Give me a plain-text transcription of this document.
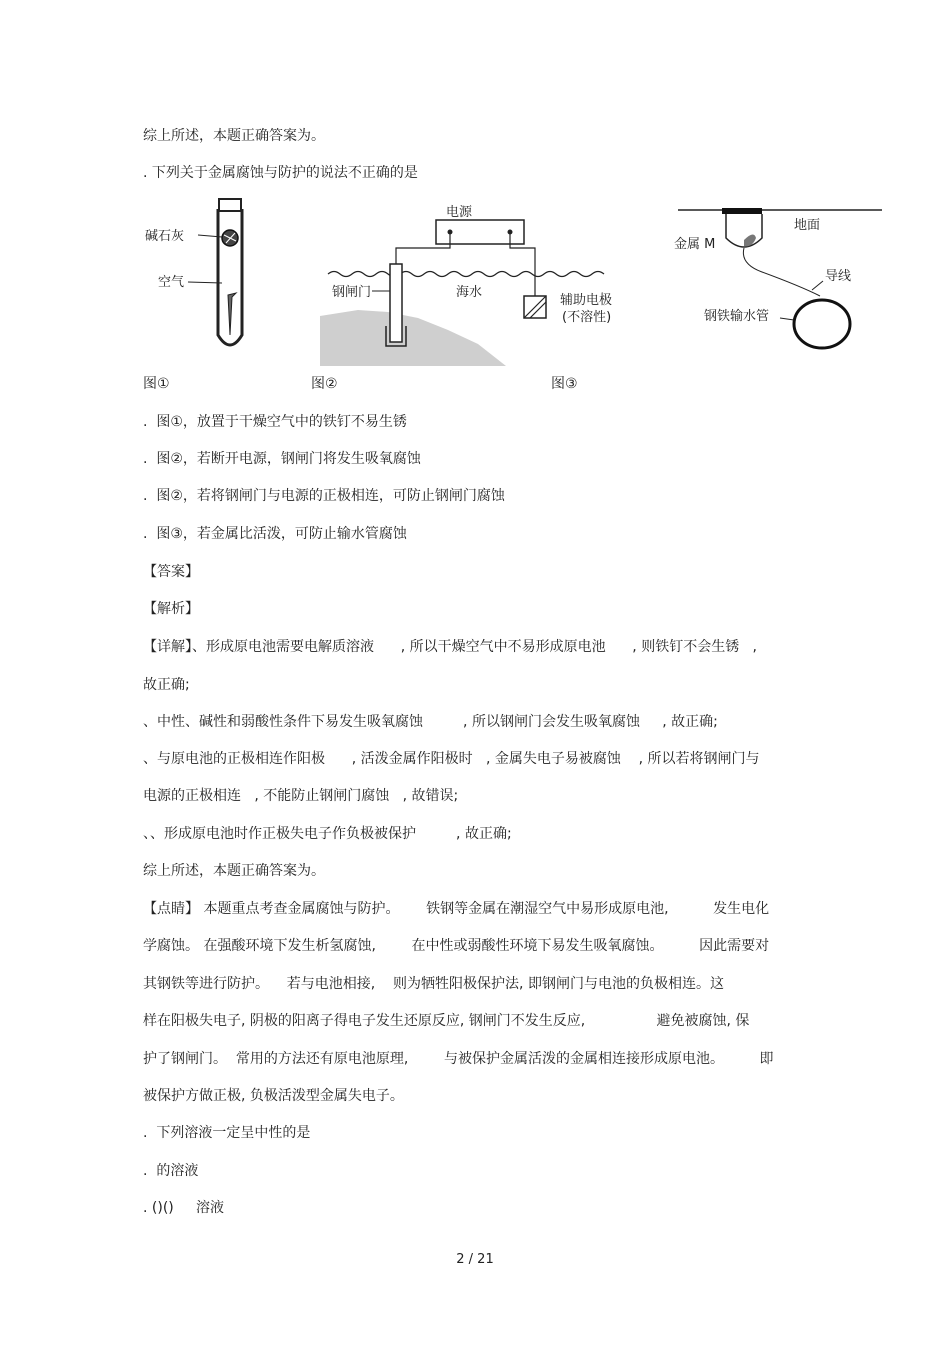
综上所述，本题正确答案为。
. 下列关于金属腐蚀与防护的说法不正确的是
碱石灰
空气
电源
钢闸门	海水
辅助电极
(不溶性)
地面
金属 M
导线
钢铁输水管
图①	图②	图③
.  图①，放置于干燥空气中的铁钉不易生锈
.  图②，若断开电源，钢闸门将发生吸氧腐蚀
.  图②，若将钢闸门与电源的正极相连，可防止钢闸门腐蚀
.  图③，若金属比活泼，可防止输水管腐蚀
【答案】
【解析】
【详解】、形成原电池需要电解质溶液      , 所以干燥空气中不易形成原电池      , 则铁钉不会生锈   ,
故正确;
、中性、碱性和弱酸性条件下易发生吸氧腐蚀         , 所以钢闸门会发生吸氧腐蚀     , 故正确;
、与原电池的正极相连作阳极      , 活泼金属作阳极时   , 金属失电子易被腐蚀    , 所以若将钢闸门与
电源的正极相连   , 不能防止钢闸门腐蚀   , 故错误;
、、形成原电池时作正极失电子作负极被保护         , 故正确;
综上所述，本题正确答案为。
【点睛】 本题重点考查金属腐蚀与防护。      铁钢等金属在潮湿空气中易形成原电池,          发生电化
学腐蚀。 在强酸环境下发生析氢腐蚀,        在中性或弱酸性环境下易发生吸氧腐蚀。        因此需要对
其钢铁等进行防护。    若与电池相接,    则为牺牲阳极保护法, 即钢闸门与电池的负极相连。这
样在阳极失电子, 阴极的阳离子得电子发生还原反应, 钢闸门不发生反应,                避免被腐蚀, 保
护了钢闸门。  常用的方法还有原电池原理,        与被保护金属活泼的金属相连接形成原电池。        即
被保护方做正极, 负极活泼型金属失电子。
.  下列溶液一定呈中性的是
.  的溶液
. ()()     溶液
2 / 21
